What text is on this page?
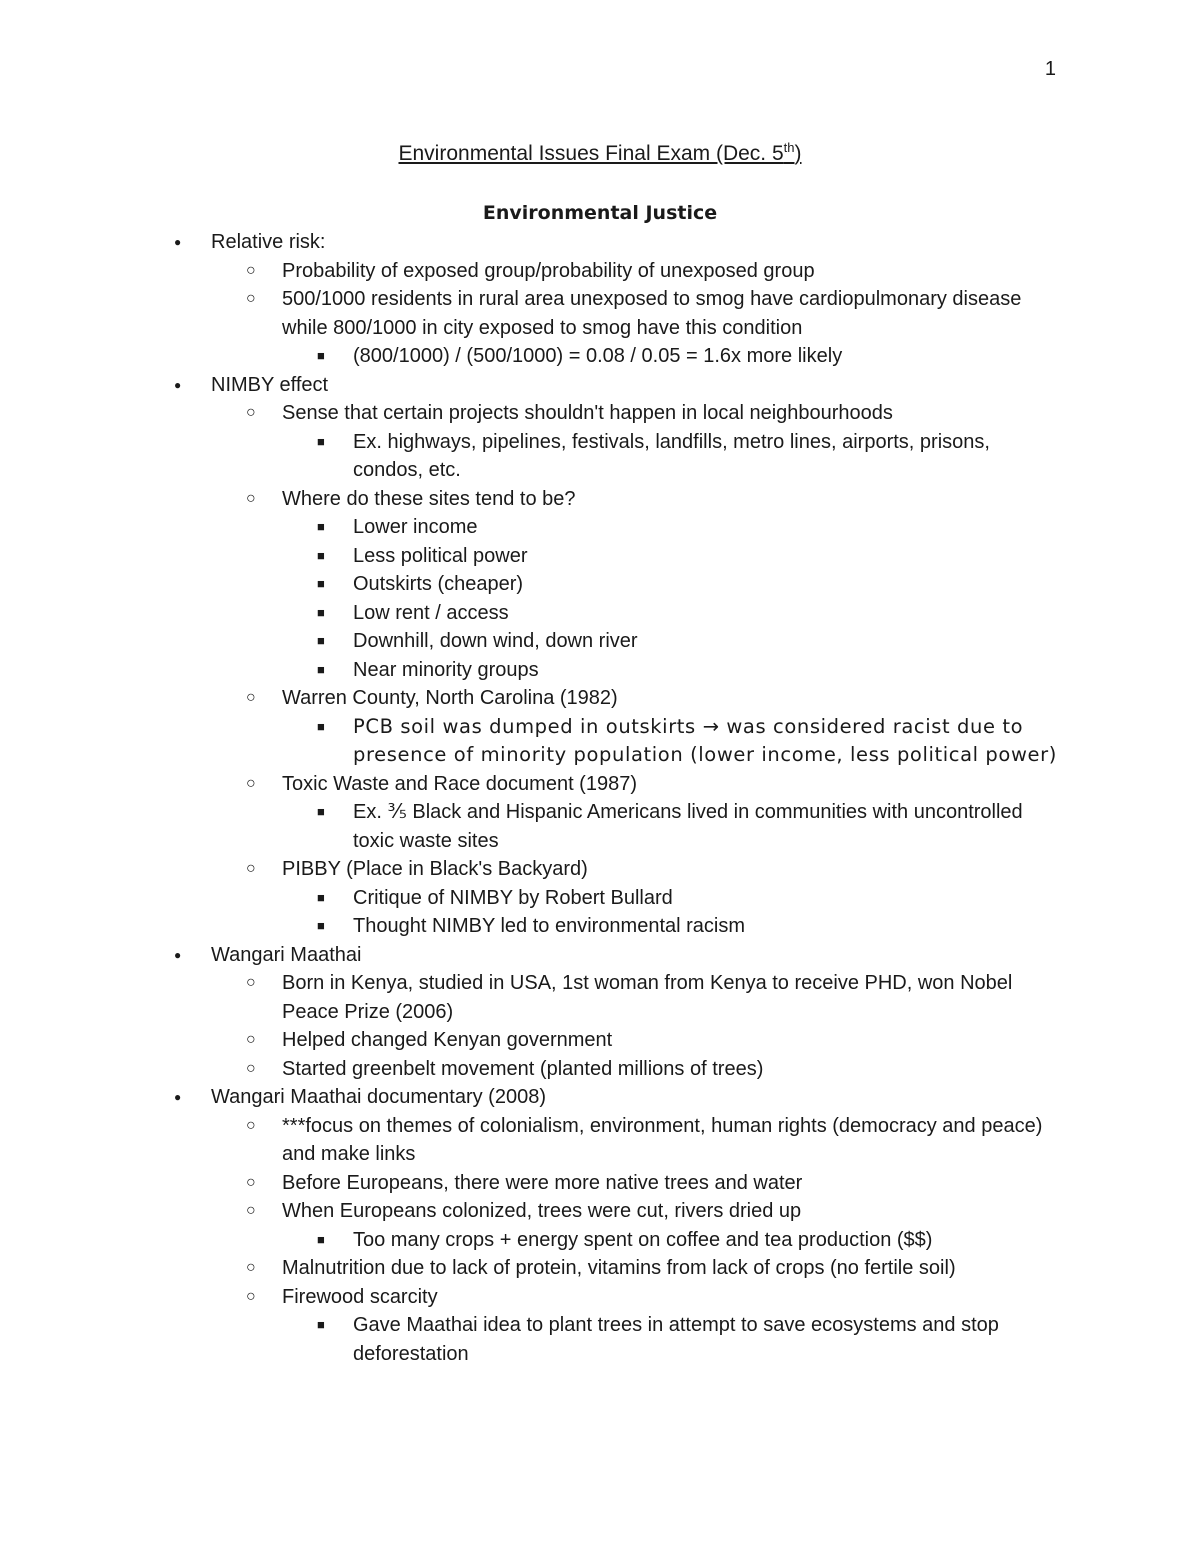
1
Environmental Issues Final Exam (Dec. 5th)
Environmental Justice
● Relative risk:
○ Probability of exposed group/probability of unexposed group
○ 500/1000 residents in rural area unexposed to smog have cardiopulmonary disease while 800/1000 in city exposed to smog have this condition
■ (800/1000) / (500/1000) = 0.08 / 0.05 = 1.6x more likely
● NIMBY effect
○ Sense that certain projects shouldn't happen in local neighbourhoods
■ Ex. highways, pipelines, festivals, landfills, metro lines, airports, prisons, condos, etc.
○ Where do these sites tend to be?
■ Lower income
■ Less political power
■ Outskirts (cheaper)
■ Low rent / access
■ Downhill, down wind, down river
■ Near minority groups
○ Warren County, North Carolina (1982)
■ PCB soil was dumped in outskirts → was considered racist due to presence of minority population (lower income, less political power)
○ Toxic Waste and Race document (1987)
■ Ex. ⅗ Black and Hispanic Americans lived in communities with uncontrolled toxic waste sites
○ PIBBY (Place in Black's Backyard)
■ Critique of NIMBY by Robert Bullard
■ Thought NIMBY led to environmental racism
● Wangari Maathai
○ Born in Kenya, studied in USA, 1st woman from Kenya to receive PHD, won Nobel Peace Prize (2006)
○ Helped changed Kenyan government
○ Started greenbelt movement (planted millions of trees)
● Wangari Maathai documentary (2008)
○ ***focus on themes of colonialism, environment, human rights (democracy and peace) and make links
○ Before Europeans, there were more native trees and water
○ When Europeans colonized, trees were cut, rivers dried up
■ Too many crops + energy spent on coffee and tea production ($$)
○ Malnutrition due to lack of protein, vitamins from lack of crops (no fertile soil)
○ Firewood scarcity
■ Gave Maathai idea to plant trees in attempt to save ecosystems and stop deforestation
